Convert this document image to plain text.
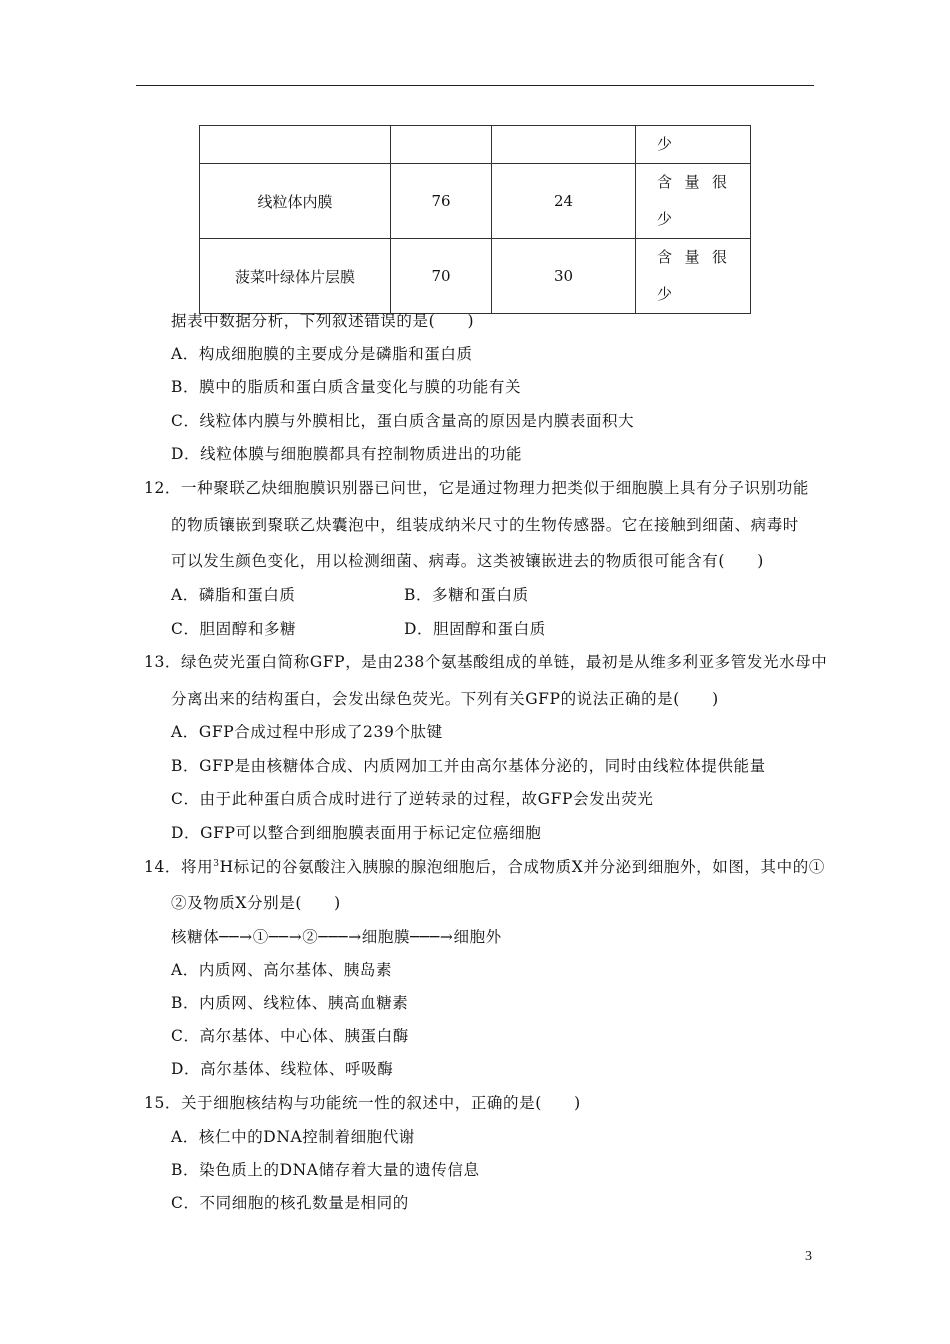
			少

线粒体内膜	76	24	含 量 很
少

菠菜叶绿体片层膜	70	30	含 量 很
少
据表中数据分析，下列叙述错误的是(　　)
A．构成细胞膜的主要成分是磷脂和蛋白质
B．膜中的脂质和蛋白质含量变化与膜的功能有关
C．线粒体内膜与外膜相比，蛋白质含量高的原因是内膜表面积大
D．线粒体膜与细胞膜都具有控制物质进出的功能
12．一种聚联乙炔细胞膜识别器已问世，它是通过物理力把类似于细胞膜上具有分子识别功能
的物质镶嵌到聚联乙炔囊泡中，组装成纳米尺寸的生物传感器。它在接触到细菌、病毒时
可以发生颜色变化，用以检测细菌、病毒。这类被镶嵌进去的物质很可能含有(　　)
A．磷脂和蛋白质	B．多糖和蛋白质
C．胆固醇和多糖	D．胆固醇和蛋白质
13．绿色荧光蛋白简称GFP，是由238个氨基酸组成的单链，最初是从维多利亚多管发光水母中
分离出来的结构蛋白，会发出绿色荧光。下列有关GFP的说法正确的是(　　)
A．GFP合成过程中形成了239个肽键
B．GFP是由核糖体合成、内质网加工并由高尔基体分泌的，同时由线粒体提供能量
C．由于此种蛋白质合成时进行了逆转录的过程，故GFP会发出荧光
D．GFP可以整合到细胞膜表面用于标记定位癌细胞
14．将用$^3$H标记的谷氨酸注入胰腺的腺泡细胞后，合成物质X并分泌到细胞外，如图，其中的①
②及物质X分别是(　　)
核糖体──→①──→②───→细胞膜───→细胞外
A．内质网、高尔基体、胰岛素
B．内质网、线粒体、胰高血糖素
C．高尔基体、中心体、胰蛋白酶
D．高尔基体、线粒体、呼吸酶
15．关于细胞核结构与功能统一性的叙述中，正确的是(　　)
A．核仁中的DNA控制着细胞代谢
B．染色质上的DNA储存着大量的遗传信息
C．不同细胞的核孔数量是相同的
3
